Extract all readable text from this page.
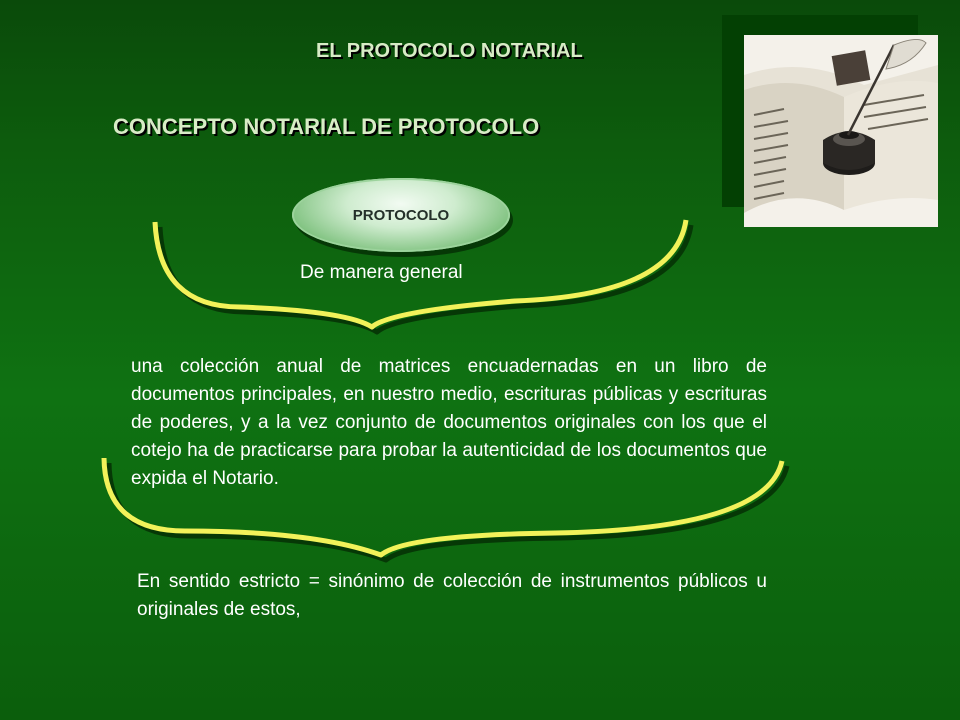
EL PROTOCOLO NOTARIAL
CONCEPTO NOTARIAL DE PROTOCOLO
PROTOCOLO
De manera general
una colección anual de matrices encuadernadas en un libro de documentos principales, en nuestro medio, escrituras públicas y escrituras de poderes, y a la vez conjunto de documentos originales con los que el cotejo ha de practicarse para probar la autenticidad de los documentos que expida el Notario.
En sentido estricto = sinónimo de colección de instrumentos públicos u originales de estos,
